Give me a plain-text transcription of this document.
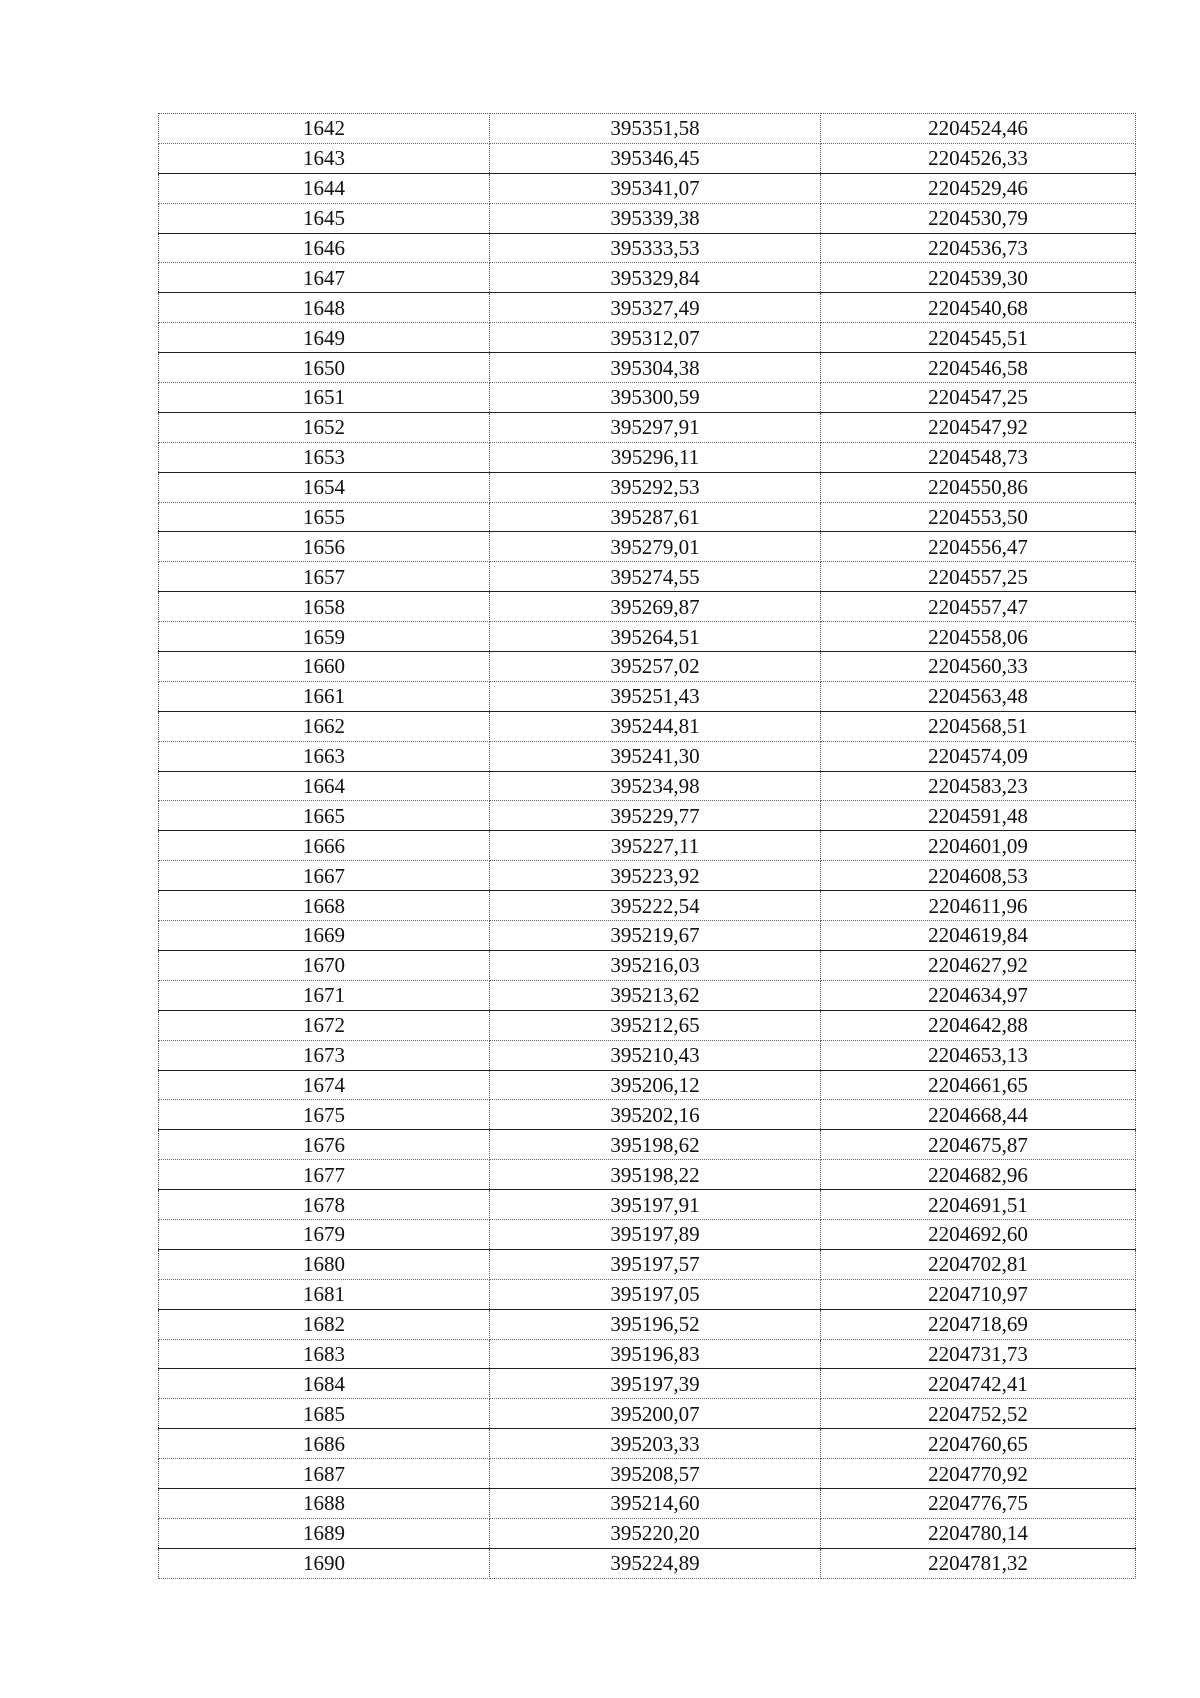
1642	395351,58	2204524,46
1643	395346,45	2204526,33
1644	395341,07	2204529,46
1645	395339,38	2204530,79
1646	395333,53	2204536,73
1647	395329,84	2204539,30
1648	395327,49	2204540,68
1649	395312,07	2204545,51
1650	395304,38	2204546,58
1651	395300,59	2204547,25
1652	395297,91	2204547,92
1653	395296,11	2204548,73
1654	395292,53	2204550,86
1655	395287,61	2204553,50
1656	395279,01	2204556,47
1657	395274,55	2204557,25
1658	395269,87	2204557,47
1659	395264,51	2204558,06
1660	395257,02	2204560,33
1661	395251,43	2204563,48
1662	395244,81	2204568,51
1663	395241,30	2204574,09
1664	395234,98	2204583,23
1665	395229,77	2204591,48
1666	395227,11	2204601,09
1667	395223,92	2204608,53
1668	395222,54	2204611,96
1669	395219,67	2204619,84
1670	395216,03	2204627,92
1671	395213,62	2204634,97
1672	395212,65	2204642,88
1673	395210,43	2204653,13
1674	395206,12	2204661,65
1675	395202,16	2204668,44
1676	395198,62	2204675,87
1677	395198,22	2204682,96
1678	395197,91	2204691,51
1679	395197,89	2204692,60
1680	395197,57	2204702,81
1681	395197,05	2204710,97
1682	395196,52	2204718,69
1683	395196,83	2204731,73
1684	395197,39	2204742,41
1685	395200,07	2204752,52
1686	395203,33	2204760,65
1687	395208,57	2204770,92
1688	395214,60	2204776,75
1689	395220,20	2204780,14
1690	395224,89	2204781,32
